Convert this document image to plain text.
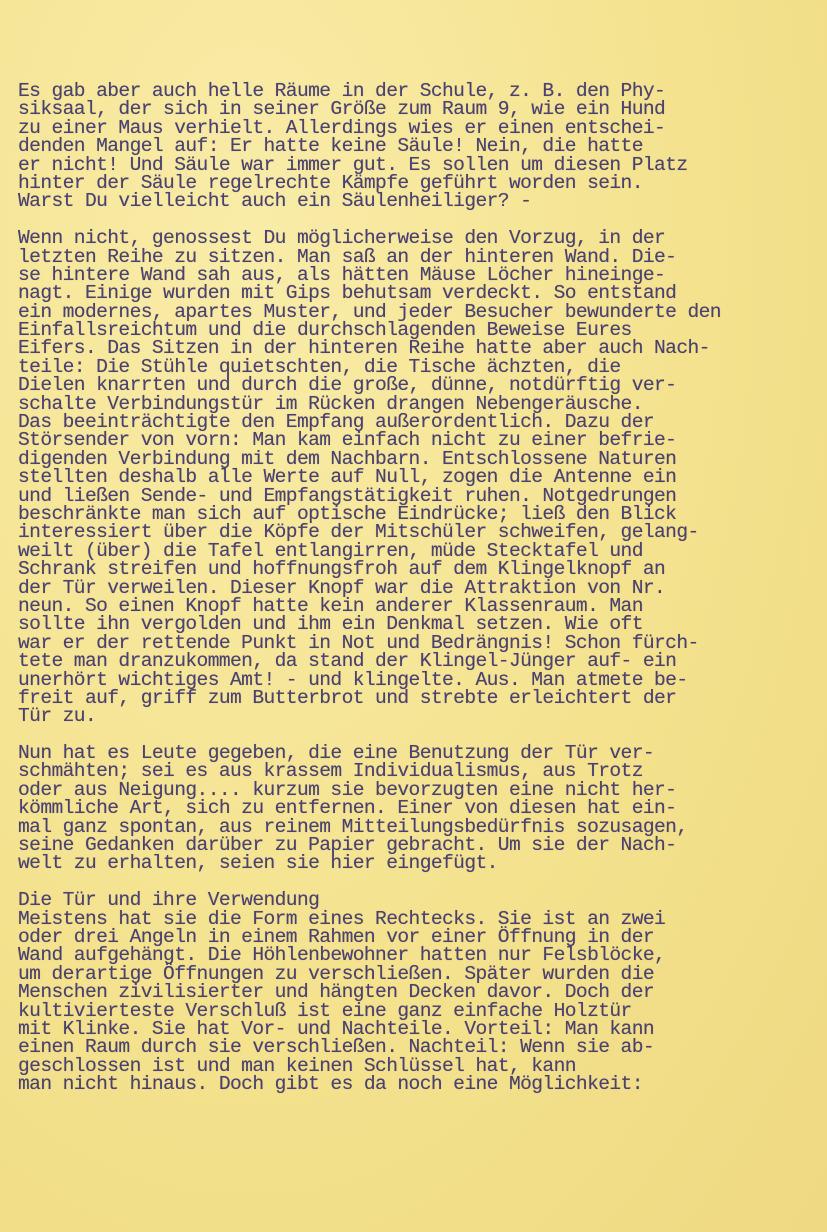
Es gab aber auch helle Räume in der Schule, z. B. den Phy-
siksaal, der sich in seiner Größe zum Raum 9, wie ein Hund
zu einer Maus verhielt. Allerdings wies er einen entschei-
denden Mangel auf: Er hatte keine Säule! Nein, die hatte
er nicht! Und Säule war immer gut. Es sollen um diesen Platz
hinter der Säule regelrechte Kämpfe geführt worden sein.
Warst Du vielleicht auch ein Säulenheiliger? -
Wenn nicht, genossest Du möglicherweise den Vorzug, in der
letzten Reihe zu sitzen. Man saß an der hinteren Wand. Die-
se hintere Wand sah aus, als hätten Mäuse Löcher hineinge-
nagt. Einige wurden mit Gips behutsam verdeckt. So entstand
ein modernes, apartes Muster, und jeder Besucher bewunderte den
Einfallsreichtum und die durchschlagenden Beweise Eures
Eifers. Das Sitzen in der hinteren Reihe hatte aber auch Nach-
teile: Die Stühle quietschten, die Tische ächzten, die
Dielen knarrten und durch die große, dünne, notdürftig ver-
schalte Verbindungstür im Rücken drangen Nebengeräusche.
Das beeinträchtigte den Empfang außerordentlich. Dazu der
Störsender von vorn: Man kam einfach nicht zu einer befrie-
digenden Verbindung mit dem Nachbarn. Entschlossene Naturen
stellten deshalb alle Werte auf Null, zogen die Antenne ein
und ließen Sende- und Empfangstätigkeit ruhen. Notgedrungen
beschränkte man sich auf optische Eindrücke; ließ den Blick
interessiert über die Köpfe der Mitschüler schweifen, gelang-
weilt (über) die Tafel entlangirren, müde Stecktafel und
Schrank streifen und hoffnungsfroh auf dem Klingelknopf an
der Tür verweilen. Dieser Knopf war die Attraktion von Nr.
neun. So einen Knopf hatte kein anderer Klassenraum. Man
sollte ihn vergolden und ihm ein Denkmal setzen. Wie oft
war er der rettende Punkt in Not und Bedrängnis! Schon fürch-
tete man dranzukommen, da stand der Klingel-Jünger auf- ein
unerhört wichtiges Amt! - und klingelte. Aus. Man atmete be-
freit auf, griff zum Butterbrot und strebte erleichtert der
Tür zu.
Nun hat es Leute gegeben, die eine Benutzung der Tür ver-
schmähten; sei es aus krassem Individualismus, aus Trotz
oder aus Neigung.... kurzum sie bevorzugten eine nicht her-
kömmliche Art, sich zu entfernen. Einer von diesen hat ein-
mal ganz spontan, aus reinem Mitteilungsbedürfnis sozusagen,
seine Gedanken darüber zu Papier gebracht. Um sie der Nach-
welt zu erhalten, seien sie hier eingefügt.
Die Tür und ihre Verwendung
Meistens hat sie die Form eines Rechtecks. Sie ist an zwei
oder drei Angeln in einem Rahmen vor einer Öffnung in der
Wand aufgehängt. Die Höhlenbewohner hatten nur Felsblöcke,
um derartige Öffnungen zu verschließen. Später wurden die
Menschen zivilisierter und hängten Decken davor. Doch der
kultivierteste Verschluß ist eine ganz einfache Holztür
mit Klinke. Sie hat Vor- und Nachteile. Vorteil: Man kann
einen Raum durch sie verschließen. Nachteil: Wenn sie ab-
geschlossen ist und man keinen Schlüssel hat, kann
man nicht hinaus. Doch gibt es da noch eine Möglichkeit:
